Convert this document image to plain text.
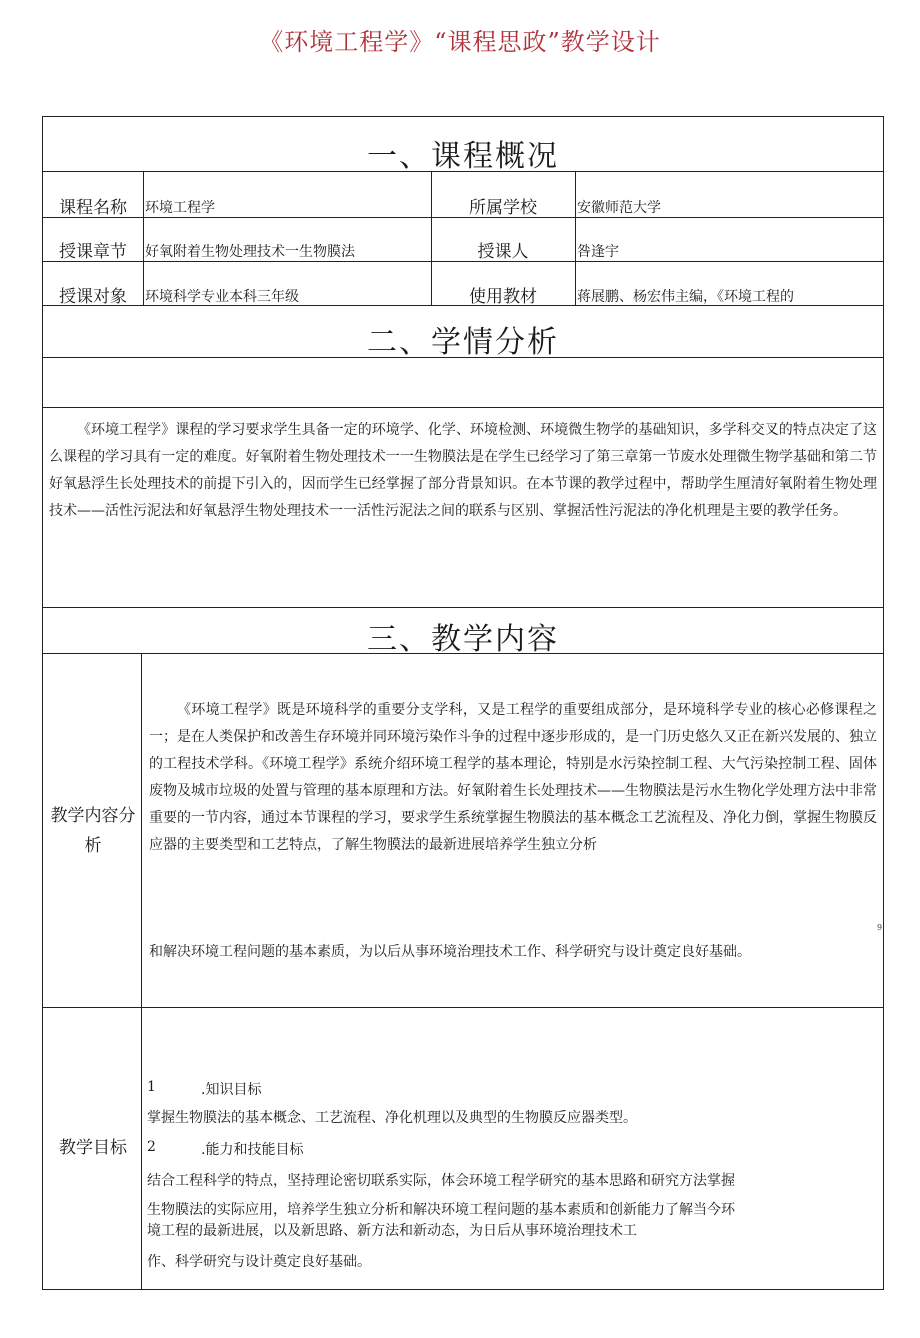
《环境工程学》“课程思政”教学设计
一、课程概况
课程名称	环境工程学	所属学校	安徽师范大学
授课章节	好氧附着生物处理技术一生物膜法	授课人	咎逢宇
授课对象	环境科学专业本科三年级	使用教材	蒋展鹏、杨宏伟主编，《环境工程的
二、学情分析
《环境工程学》课程的学习要求学生具备一定的环境学、化学、环境检测、环境微生物学的基础知识，多学科交叉的特点决定了这么课程的学习具有一定的难度。好氧附着生物处理技术一一生物膜法是在学生已经学习了第三章第一节废水处理微生物学基础和第二节好氧悬浮生长处理技术的前提下引入的，因而学生已经掌握了部分背景知识。在本节课的教学过程中，帮助学生厘清好氧附着生物处理技术——活性污泥法和好氧悬浮生物处理技术一一活性污泥法之间的联系与区别、掌握活性污泥法的净化机理是主要的教学任务。
三、教学内容
教学内容分析
《环境工程学》既是环境科学的重要分支学科，又是工程学的重要组成部分，是环境科学专业的核心必修课程之一；是在人类保护和改善生存环境并同环境污染作斗争的过程中逐步形成的，是一门历史悠久又正在新兴发展的、独立的工程技术学科。《环境工程学》系统介绍环境工程学的基本理论，特别是水污染控制工程、大气污染控制工程、固体废物及城市垃圾的处置与管理的基本原理和方法。好氧附着生长处理技术——生物膜法是污水生物化学处理方法中非常重要的一节内容，通过本节课程的学习，要求学生系统掌握生物膜法的基本概念工艺流程及、净化力倒，掌握生物膜反应器的主要类型和工艺特点，了解生物膜法的最新进展培养学生独立分析
9
和解决环境工程问题的基本素质，为以后从事环境治理技术工作、科学研究与设计奠定良好基础。
教学目标
1	.知识目标
掌握生物膜法的基本概念、工艺流程、净化机理以及典型的生物膜反应器类型。
2	.能力和技能目标
结合工程科学的特点，坚持理论密切联系实际，体会环境工程学研究的基本思路和研究方法掌握
生物膜法的实际应用，培养学生独立分析和解决环境工程问题的基本素质和创新能力了解当今环
境工程的最新进展，以及新思路、新方法和新动态，为日后从事环境治理技术工
作、科学研究与设计奠定良好基础。
